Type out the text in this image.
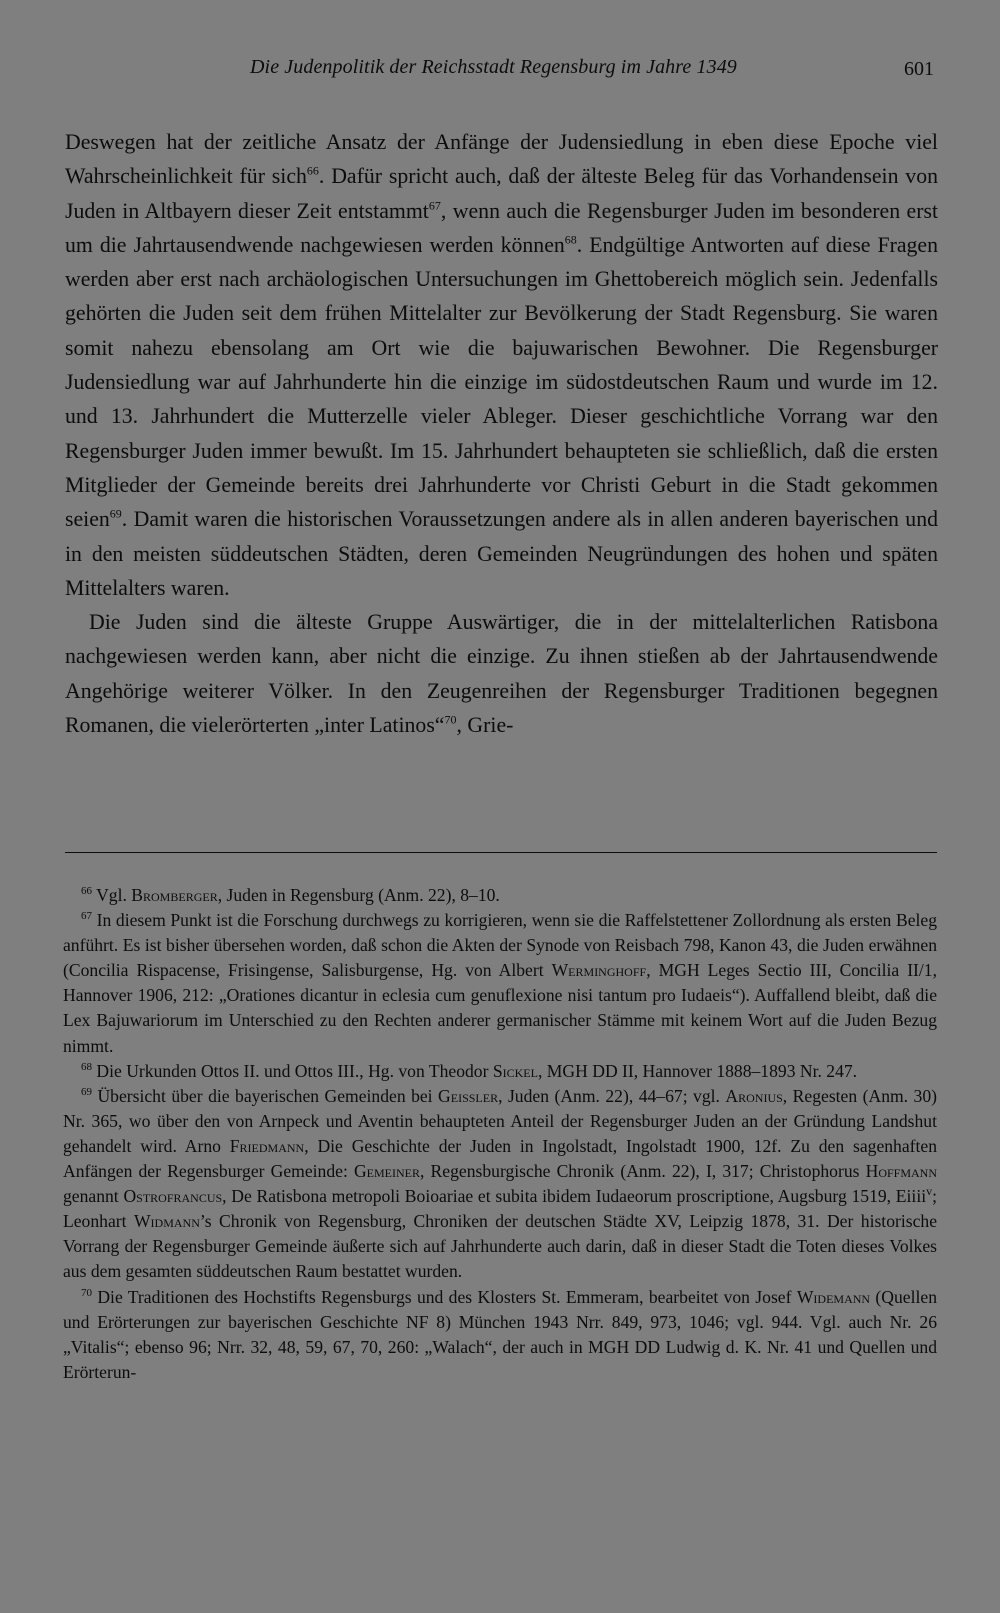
Die Judenpolitik der Reichsstadt Regensburg im Jahre 1349	601

Deswegen hat der zeitliche Ansatz der Anfänge der Judensiedlung in eben diese Epoche viel Wahrscheinlichkeit für sich$^{66}$. Dafür spricht auch, daß der älteste Beleg für das Vorhandensein von Juden in Altbayern dieser Zeit entstammt$^{67}$, wenn auch die Regensburger Juden im besonderen erst um die Jahrtausendwende nachgewiesen werden können$^{68}$. Endgültige Antworten auf diese Fragen werden aber erst nach archäologischen Untersuchungen im Ghettobereich möglich sein. Jedenfalls gehörten die Juden seit dem frühen Mittelalter zur Bevölkerung der Stadt Regensburg. Sie waren somit nahezu ebensolang am Ort wie die bajuwarischen Bewohner. Die Regensburger Judensiedlung war auf Jahrhunderte hin die einzige im südostdeutschen Raum und wurde im 12. und 13. Jahrhundert die Mutterzelle vieler Ableger. Dieser geschichtliche Vorrang war den Regensburger Juden immer bewußt. Im 15. Jahrhundert behaupteten sie schließlich, daß die ersten Mitglieder der Gemeinde bereits drei Jahrhunderte vor Christi Geburt in die Stadt gekommen seien$^{69}$. Damit waren die historischen Voraussetzungen andere als in allen anderen bayerischen und in den meisten süddeutschen Städten, deren Gemeinden Neugründungen des hohen und späten Mittelalters waren.

Die Juden sind die älteste Gruppe Auswärtiger, die in der mittelalterlichen Ratisbona nachgewiesen werden kann, aber nicht die einzige. Zu ihnen stießen ab der Jahrtausendwende Angehörige weiterer Völker. In den Zeugenreihen der Regensburger Traditionen begegnen Romanen, die vielerörterten „inter Latinos“$^{70}$, Grie-

$^{66}$ Vgl. Bromberger, Juden in Regensburg (Anm. 22), 8–10.

$^{67}$ In diesem Punkt ist die Forschung durchwegs zu korrigieren, wenn sie die Raffelstettener Zollordnung als ersten Beleg anführt. Es ist bisher übersehen worden, daß schon die Akten der Synode von Reisbach 798, Kanon 43, die Juden erwähnen (Concilia Rispacense, Frisingense, Salisburgense, Hg. von Albert Werminghoff, MGH Leges Sectio III, Concilia II/1, Hannover 1906, 212: „Orationes dicantur in eclesia cum genuflexione nisi tantum pro Iudaeis“). Auffallend bleibt, daß die Lex Bajuwariorum im Unterschied zu den Rechten anderer germanischer Stämme mit keinem Wort auf die Juden Bezug nimmt.

$^{68}$ Die Urkunden Ottos II. und Ottos III., Hg. von Theodor Sickel, MGH DD II, Hannover 1888–1893 Nr. 247.

$^{69}$ Übersicht über die bayerischen Gemeinden bei Geissler, Juden (Anm. 22), 44–67; vgl. Aronius, Regesten (Anm. 30) Nr. 365, wo über den von Arnpeck und Aventin behaupteten Anteil der Regensburger Juden an der Gründung Landshut gehandelt wird. Arno Friedmann, Die Geschichte der Juden in Ingolstadt, Ingolstadt 1900, 12f. Zu den sagenhaften Anfängen der Regensburger Gemeinde: Gemeiner, Regensburgische Chronik (Anm. 22), I, 317; Christophorus Hoffmann genannt Ostrofrancus, De Ratisbona metropoli Boioariae et subita ibidem Iudaeorum proscriptione, Augsburg 1519, Eiiii$^v$; Leonhart Widmann’s Chronik von Regensburg, Chroniken der deutschen Städte XV, Leipzig 1878, 31. Der historische Vorrang der Regensburger Gemeinde äußerte sich auf Jahrhunderte auch darin, daß in dieser Stadt die Toten dieses Volkes aus dem gesamten süddeutschen Raum bestattet wurden.

$^{70}$ Die Traditionen des Hochstifts Regensburgs und des Klosters St. Emmeram, bearbeitet von Josef Widemann (Quellen und Erörterungen zur bayerischen Geschichte NF 8) München 1943 Nrr. 849, 973, 1046; vgl. 944. Vgl. auch Nr. 26 „Vitalis“; ebenso 96; Nrr. 32, 48, 59, 67, 70, 260: „Walach“, der auch in MGH DD Ludwig d. K. Nr. 41 und Quellen und Erörterun-
